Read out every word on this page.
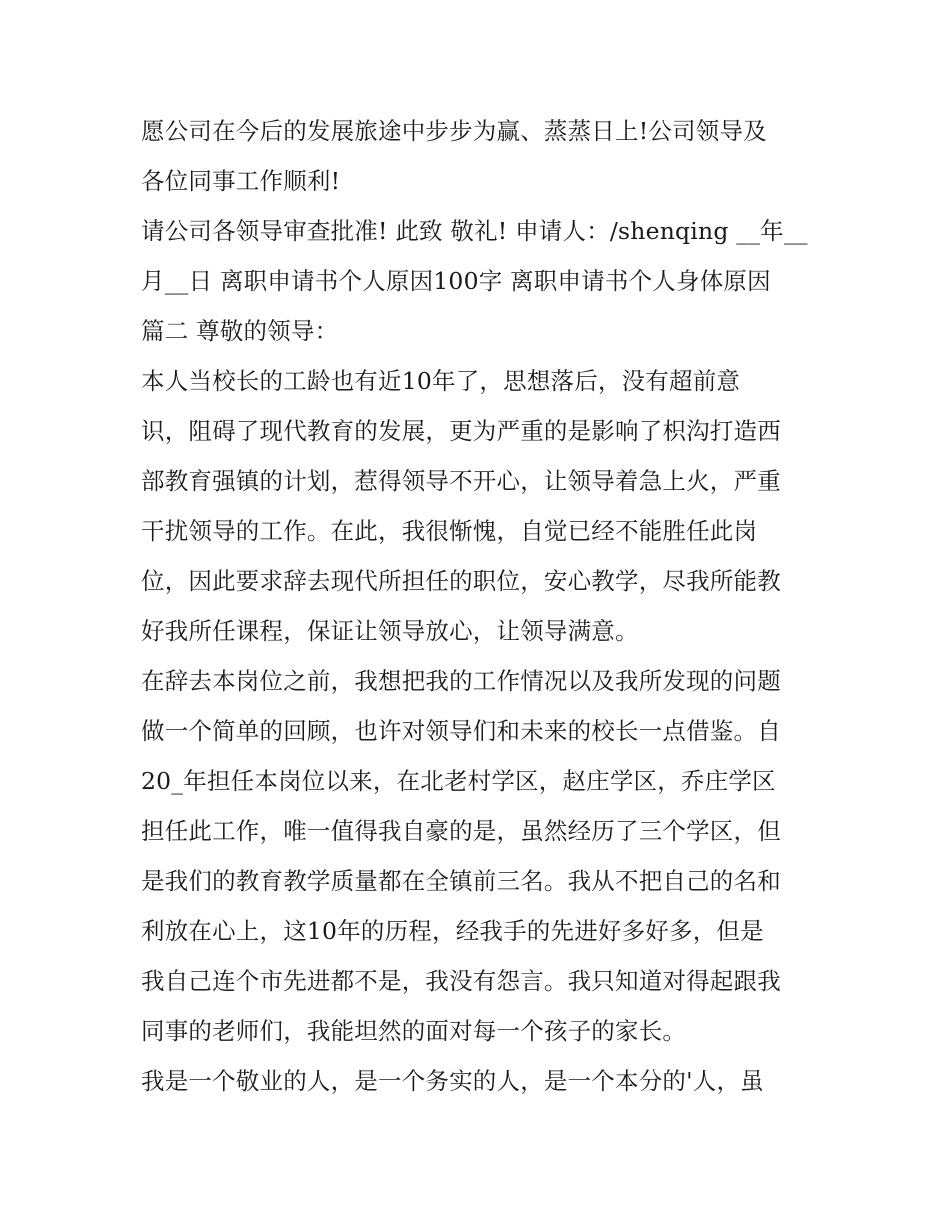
愿公司在今后的发展旅途中步步为赢、蒸蒸日上!公司领导及
各位同事工作顺利!
请公司各领导审查批准! 此致 敬礼! 申请人：/shenqing __年__
月__日 离职申请书个人原因100字 离职申请书个人身体原因
篇二 尊敬的领导：
本人当校长的工龄也有近10年了，思想落后，没有超前意
识，阻碍了现代教育的发展，更为严重的是影响了枳沟打造西
部教育强镇的计划，惹得领导不开心，让领导着急上火，严重
干扰领导的工作。在此，我很惭愧，自觉已经不能胜任此岗
位，因此要求辞去现代所担任的职位，安心教学，尽我所能教
好我所任课程，保证让领导放心，让领导满意。
在辞去本岗位之前，我想把我的工作情况以及我所发现的问题
做一个简单的回顾，也许对领导们和未来的校长一点借鉴。自
20_年担任本岗位以来，在北老村学区，赵庄学区，乔庄学区
担任此工作，唯一值得我自豪的是，虽然经历了三个学区，但
是我们的教育教学质量都在全镇前三名。我从不把自己的名和
利放在心上，这10年的历程，经我手的先进好多好多，但是
我自己连个市先进都不是，我没有怨言。我只知道对得起跟我
同事的老师们，我能坦然的面对每一个孩子的家长。
我是一个敬业的人，是一个务实的人，是一个本分的'人，虽
